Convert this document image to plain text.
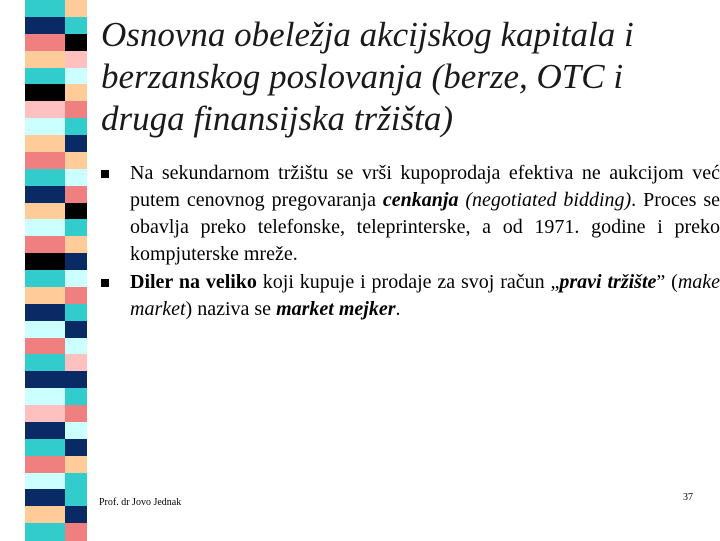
Osnovna obeležja akcijskog kapitala i berzanskog poslovanja (berze, OTC i druga finansijska tržišta)
Na sekundarnom tržištu se vrši kupoprodaja efektiva ne aukcijom već putem cenovnog pregovaranja cenkanja (negotiated bidding). Proces se obavlja preko telefonske, teleprinterske, a od 1971. godine i preko kompjuterske mreže.
Diler na veliko koji kupuje i prodaje za svoj račun „pravi tržište” (make market) naziva se market mejker.
Prof. dr Jovo Jednak	37
